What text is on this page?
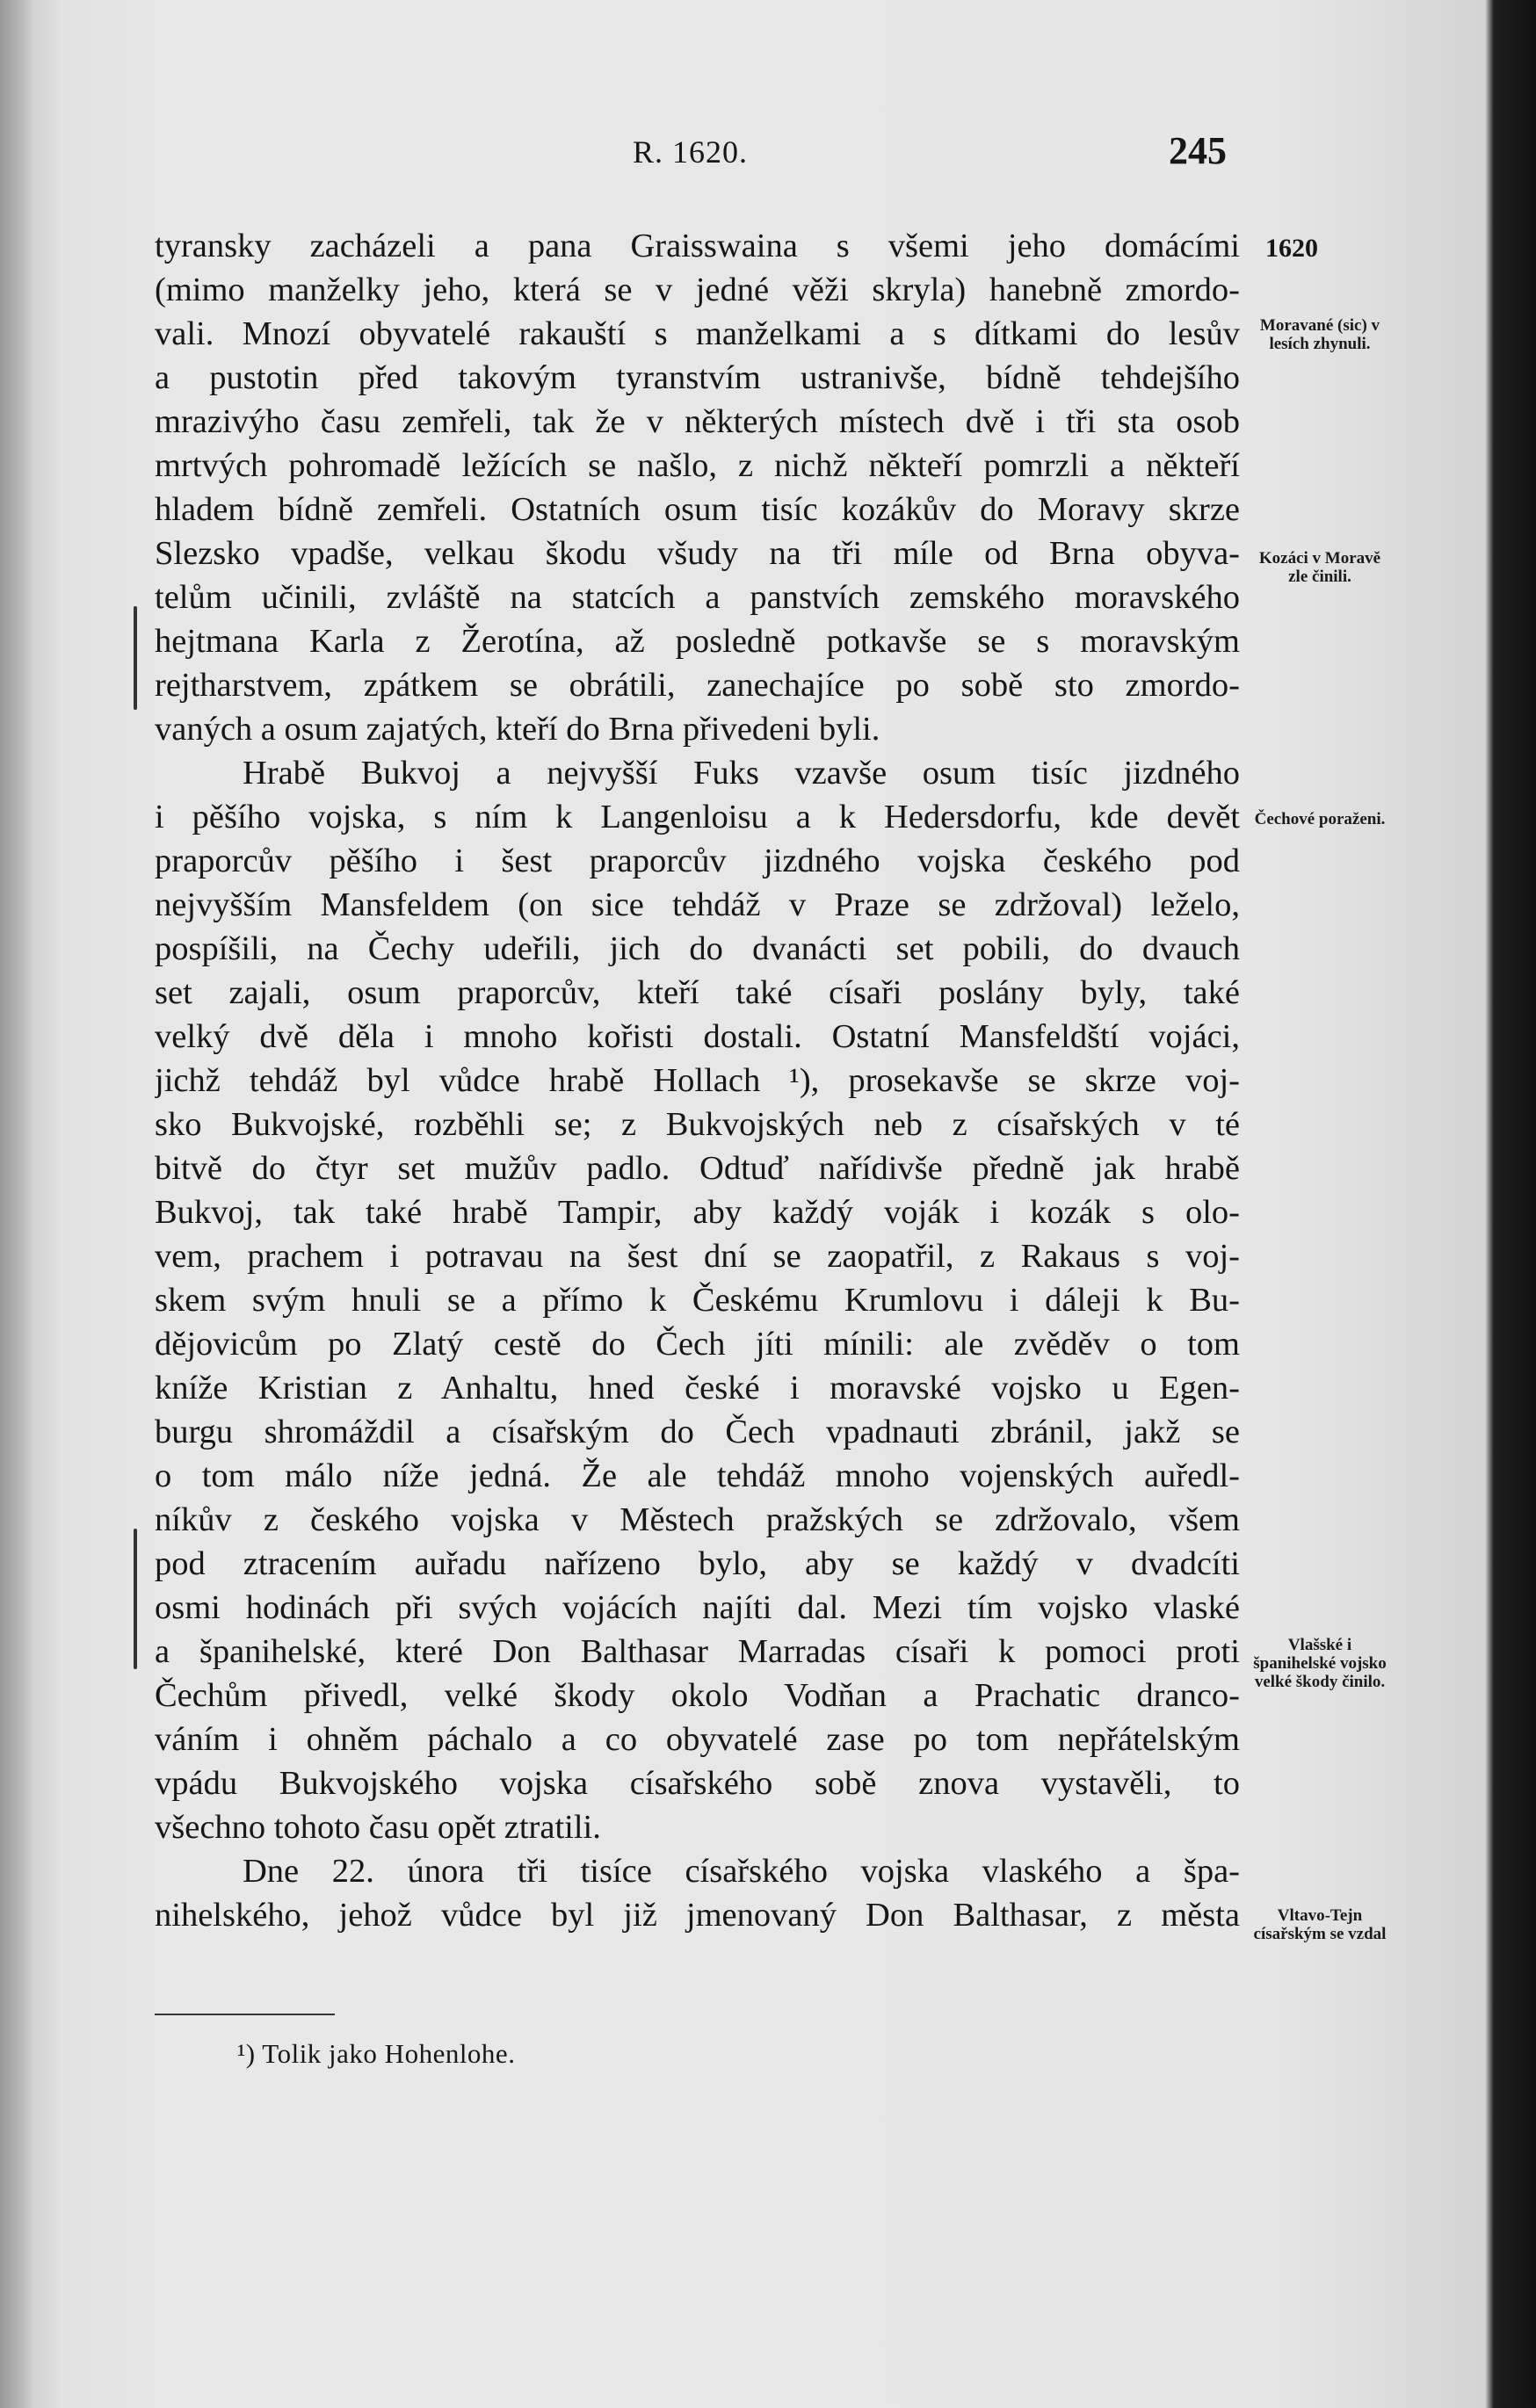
R. 1620.	245
1620
Moravané (sic) v lesích zhynuli.
Kozáci v Moravě zle činili.
Čechové poraženi.
Vlašské i španihelské vojsko velké škody činilo.
Vltavo-Tejn císařským se vzdal
tyransky zacházeli a pana Graisswaina s všemi jeho domácími
(mimo manželky jeho, která se v jedné věži skryla) hanebně zmordo-
vali. Mnozí obyvatelé rakauští s manželkami a s dítkami do lesův
a pustotin před takovým tyranstvím ustranivše, bídně tehdejšího
mrazivýho času zemřeli, tak že v některých místech dvě i tři sta osob
mrtvých pohromadě ležících se našlo, z nichž někteří pomrzli a někteří
hladem bídně zemřeli. Ostatních osum tisíc kozákův do Moravy skrze
Slezsko vpadše, velkau škodu všudy na tři míle od Brna obyva-
telům učinili, zvláště na statcích a panstvích zemského moravského
hejtmana Karla z Žerotína, až posledně potkavše se s moravským
rejtharstvem, zpátkem se obrátili, zanechajíce po sobě sto zmordo-
vaných a osum zajatých, kteří do Brna přivedeni byli.
Hrabě Bukvoj a nejvyšší Fuks vzavše osum tisíc jizdného
i pěšího vojska, s ním k Langenloisu a k Hedersdorfu, kde devět
praporcův pěšího i šest praporcův jizdného vojska českého pod
nejvyšším Mansfeldem (on sice tehdáž v Praze se zdržoval) leželo,
pospíšili, na Čechy udeřili, jich do dvanácti set pobili, do dvauch
set zajali, osum praporcův, kteří také císaři poslány byly, také
velký dvě děla i mnoho kořisti dostali. Ostatní Mansfeldští vojáci,
jichž tehdáž byl vůdce hrabě Hollach ¹), prosekavše se skrze voj-
sko Bukvojské, rozběhli se; z Bukvojských neb z císařských v té
bitvě do čtyr set mužův padlo. Odtuď nařídivše předně jak hrabě
Bukvoj, tak také hrabě Tampir, aby každý voják i kozák s olo-
vem, prachem i potravau na šest dní se zaopatřil, z Rakaus s voj-
skem svým hnuli se a přímo k Českému Krumlovu i dáleji k Bu-
dějovicům po Zlatý cestě do Čech jíti mínili: ale zvěděv o tom
kníže Kristian z Anhaltu, hned české i moravské vojsko u Egen-
burgu shromáždil a císařským do Čech vpadnauti zbránil, jakž se
o tom málo níže jedná. Že ale tehdáž mnoho vojenských auředl-
níkův z českého vojska v Městech pražských se zdržovalo, všem
pod ztracením auřadu nařízeno bylo, aby se každý v dvadcíti
osmi hodinách při svých vojácích najíti dal. Mezi tím vojsko vlaské
a španihelské, které Don Balthasar Marradas císaři k pomoci proti
Čechům přivedl, velké škody okolo Vodňan a Prachatic dranco-
váním i ohněm páchalo a co obyvatelé zase po tom nepřátelským
vpádu Bukvojského vojska císařského sobě znova vystavěli, to
všechno tohoto času opět ztratili.
Dne 22. února tři tisíce císařského vojska vlaského a špa-
nihelského, jehož vůdce byl již jmenovaný Don Balthasar, z města
¹) Tolik jako Hohenlohe.
